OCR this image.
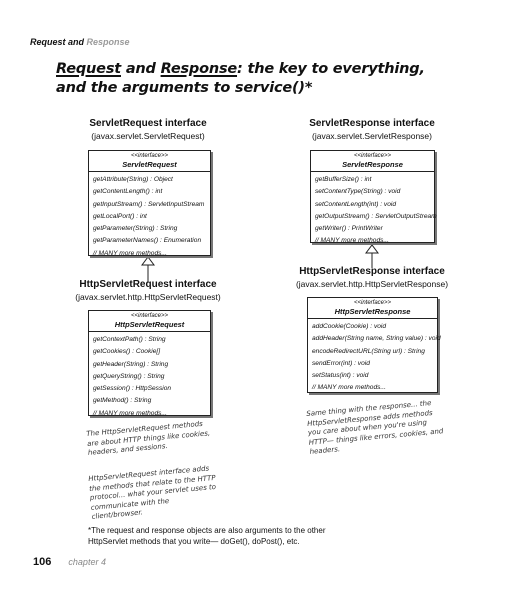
Request and Response
Request and Response: the key to everything,
and the arguments to service()*
ServletRequest interface
(javax.servlet.ServletRequest)
<<interface>>
ServletRequest
getAttribute(String) : Object
getContentLength() : int
getInputStream() : ServletInputStream
getLocalPort() : int
getParameter(String) : String
getParameterNames() : Enumeration
// MANY more methods...
HttpServletRequest interface
(javax.servlet.http.HttpServletRequest)
<<interface>>
HttpServletRequest
getContextPath() : String
getCookies() : Cookie[]
getHeader(String) : String
getQueryString() : String
getSession() : HttpSession
getMethod() : String
// MANY more methods...
ServletResponse interface
(javax.servlet.ServletResponse)
<<interface>>
ServletResponse
getBufferSize() : int
setContentType(String) : void
setContentLength(int) : void
getOutputStream() : ServletOutputStream
getWriter() : PrintWriter
// MANY more methods...
HttpServletResponse interface
(javax.servlet.http.HttpServletResponse)
<<interface>>
HttpServletResponse
addCookie(Cookie) : void
addHeader(String name, String value) : void
encodeRedirectURL(String url) : String
sendError(int) : void
setStatus(int) : void
// MANY more methods...
The HttpServletRequest methods are about HTTP things like cookies, headers, and sessions.
HttpServletRequest interface adds the methods that relate to the HTTP protocol... what your servlet uses to communicate with the client/browser.
Same thing with the response... the HttpServletResponse adds methods you care about when you're using HTTP— things like errors, cookies, and headers.
*The request and response objects are also arguments to the other
HttpServlet methods that you write— doGet(), doPost(), etc.
106 chapter 4
